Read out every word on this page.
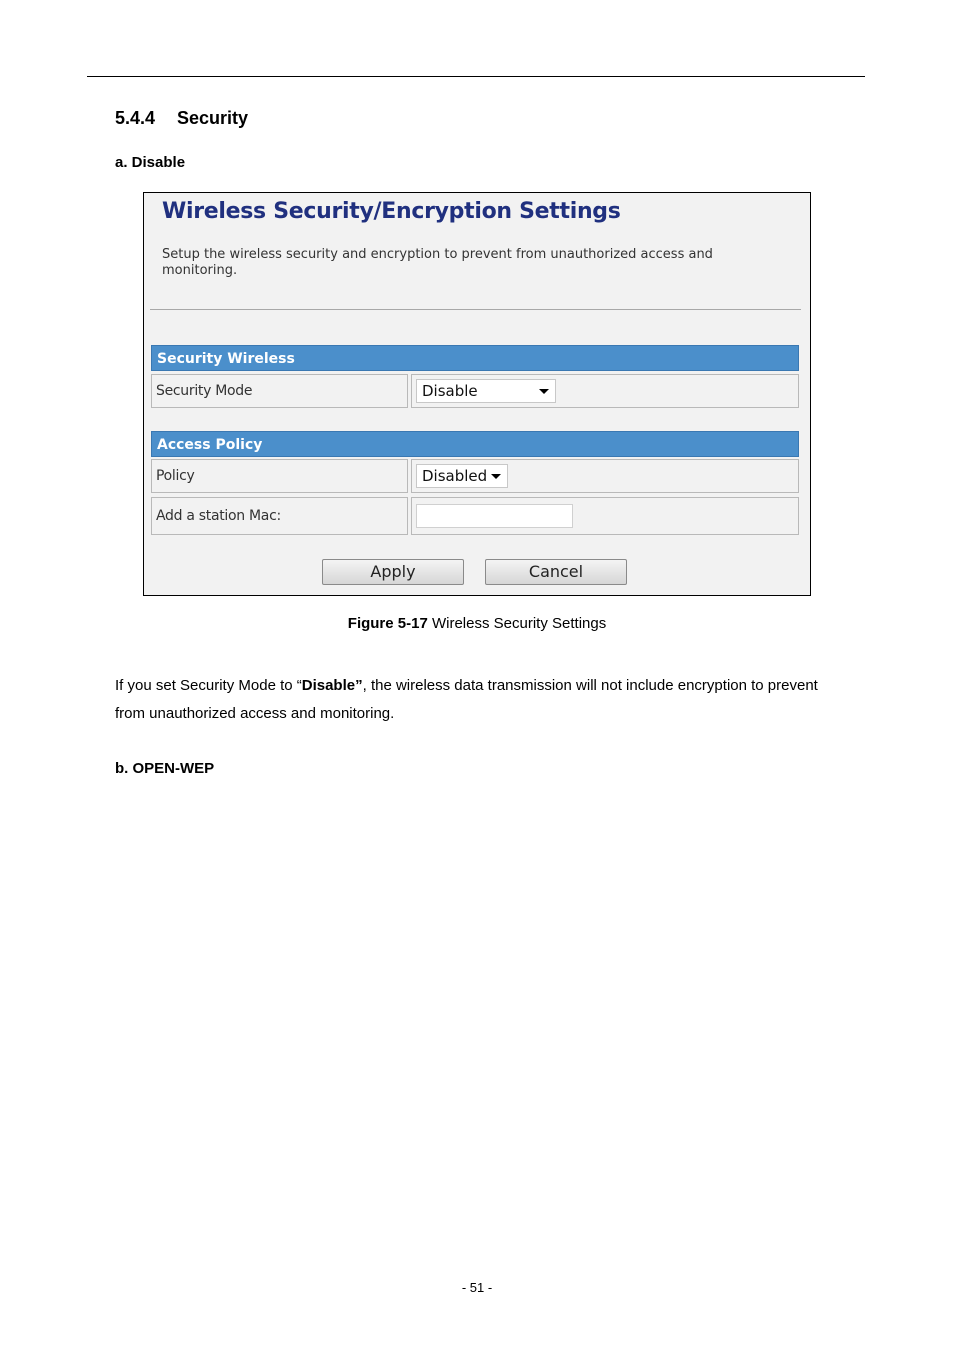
5.4.4 Security
a. Disable
Wireless Security/Encryption Settings
Setup the wireless security and encryption to prevent from unauthorized access and monitoring.
Security Wireless
Security Mode	Disable
Access Policy
Policy	Disabled
Add a station Mac:
Apply	Cancel
Figure 5-17 Wireless Security Settings
If you set Security Mode to “Disable”, the wireless data transmission will not include encryption to prevent from unauthorized access and monitoring.
b. OPEN-WEP
- 51 -
